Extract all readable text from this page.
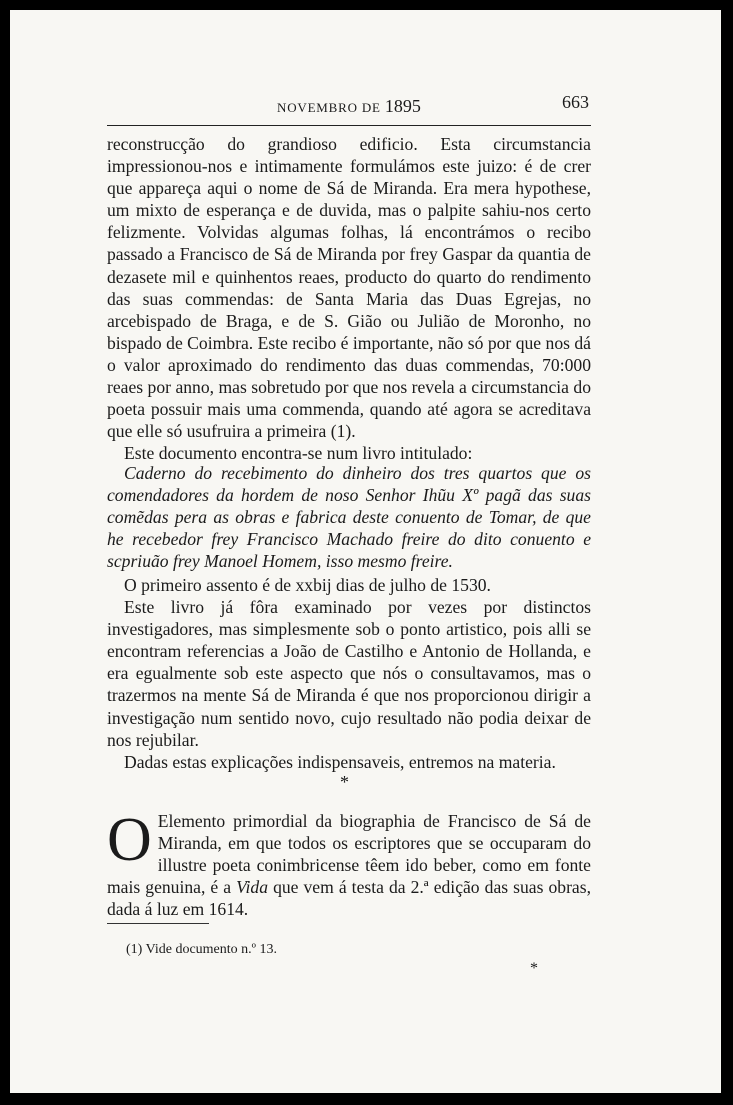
NOVEMBRO DE 1895	663

reconstrucção do grandioso edificio. Esta circumstancia impressionou-nos e intimamente formulámos este juizo: é de crer que appareça aqui o nome de Sá de Miranda. Era mera hypothese, um mixto de esperança e de duvida, mas o palpite sahiu-nos certo felizmente. Volvidas algumas folhas, lá encontrámos o recibo passado a Francisco de Sá de Miranda por frey Gaspar da quantia de dezasete mil e quinhentos reaes, producto do quarto do rendimento das suas commendas: de Santa Maria das Duas Egrejas, no arcebispado de Braga, e de S. Gião ou Julião de Moronho, no bispado de Coimbra. Este recibo é importante, não só por que nos dá o valor aproximado do rendimento das duas commendas, 70:000 reaes por anno, mas sobretudo por que nos revela a circumstancia do poeta possuir mais uma commenda, quando até agora se acreditava que elle só usufruira a primeira (1).

Este documento encontra-se num livro intitulado:

Caderno do recebimento do dinheiro dos tres quartos que os comendadores da hordem de noso Senhor Ihũu Xº pagã das suas comẽdas pera as obras e fabrica deste conuento de Tomar, de que he recebedor frey Francisco Machado freire do dito conuento e scpriuão frey Manoel Homem, isso mesmo freire.

O primeiro assento é de xxbij dias de julho de 1530.

Este livro já fôra examinado por vezes por distinctos investigadores, mas simplesmente sob o ponto artistico, pois alli se encontram referencias a João de Castilho e Antonio de Hollanda, e era egualmente sob este aspecto que nós o consultavamos, mas o trazermos na mente Sá de Miranda é que nos proporcionou dirigir a investigação num sentido novo, cujo resultado não podia deixar de nos rejubilar.

Dadas estas explicações indispensaveis, entremos na materia.

*

O Elemento primordial da biographia de Francisco de Sá de Miranda, em que todos os escriptores que se occuparam do illustre poeta conimbricense têem ido beber, como em fonte mais genuina, é a Vida que vem á testa da 2.ª edição das suas obras, dada á luz em 1614.

(1) Vide documento n.º 13.
*
